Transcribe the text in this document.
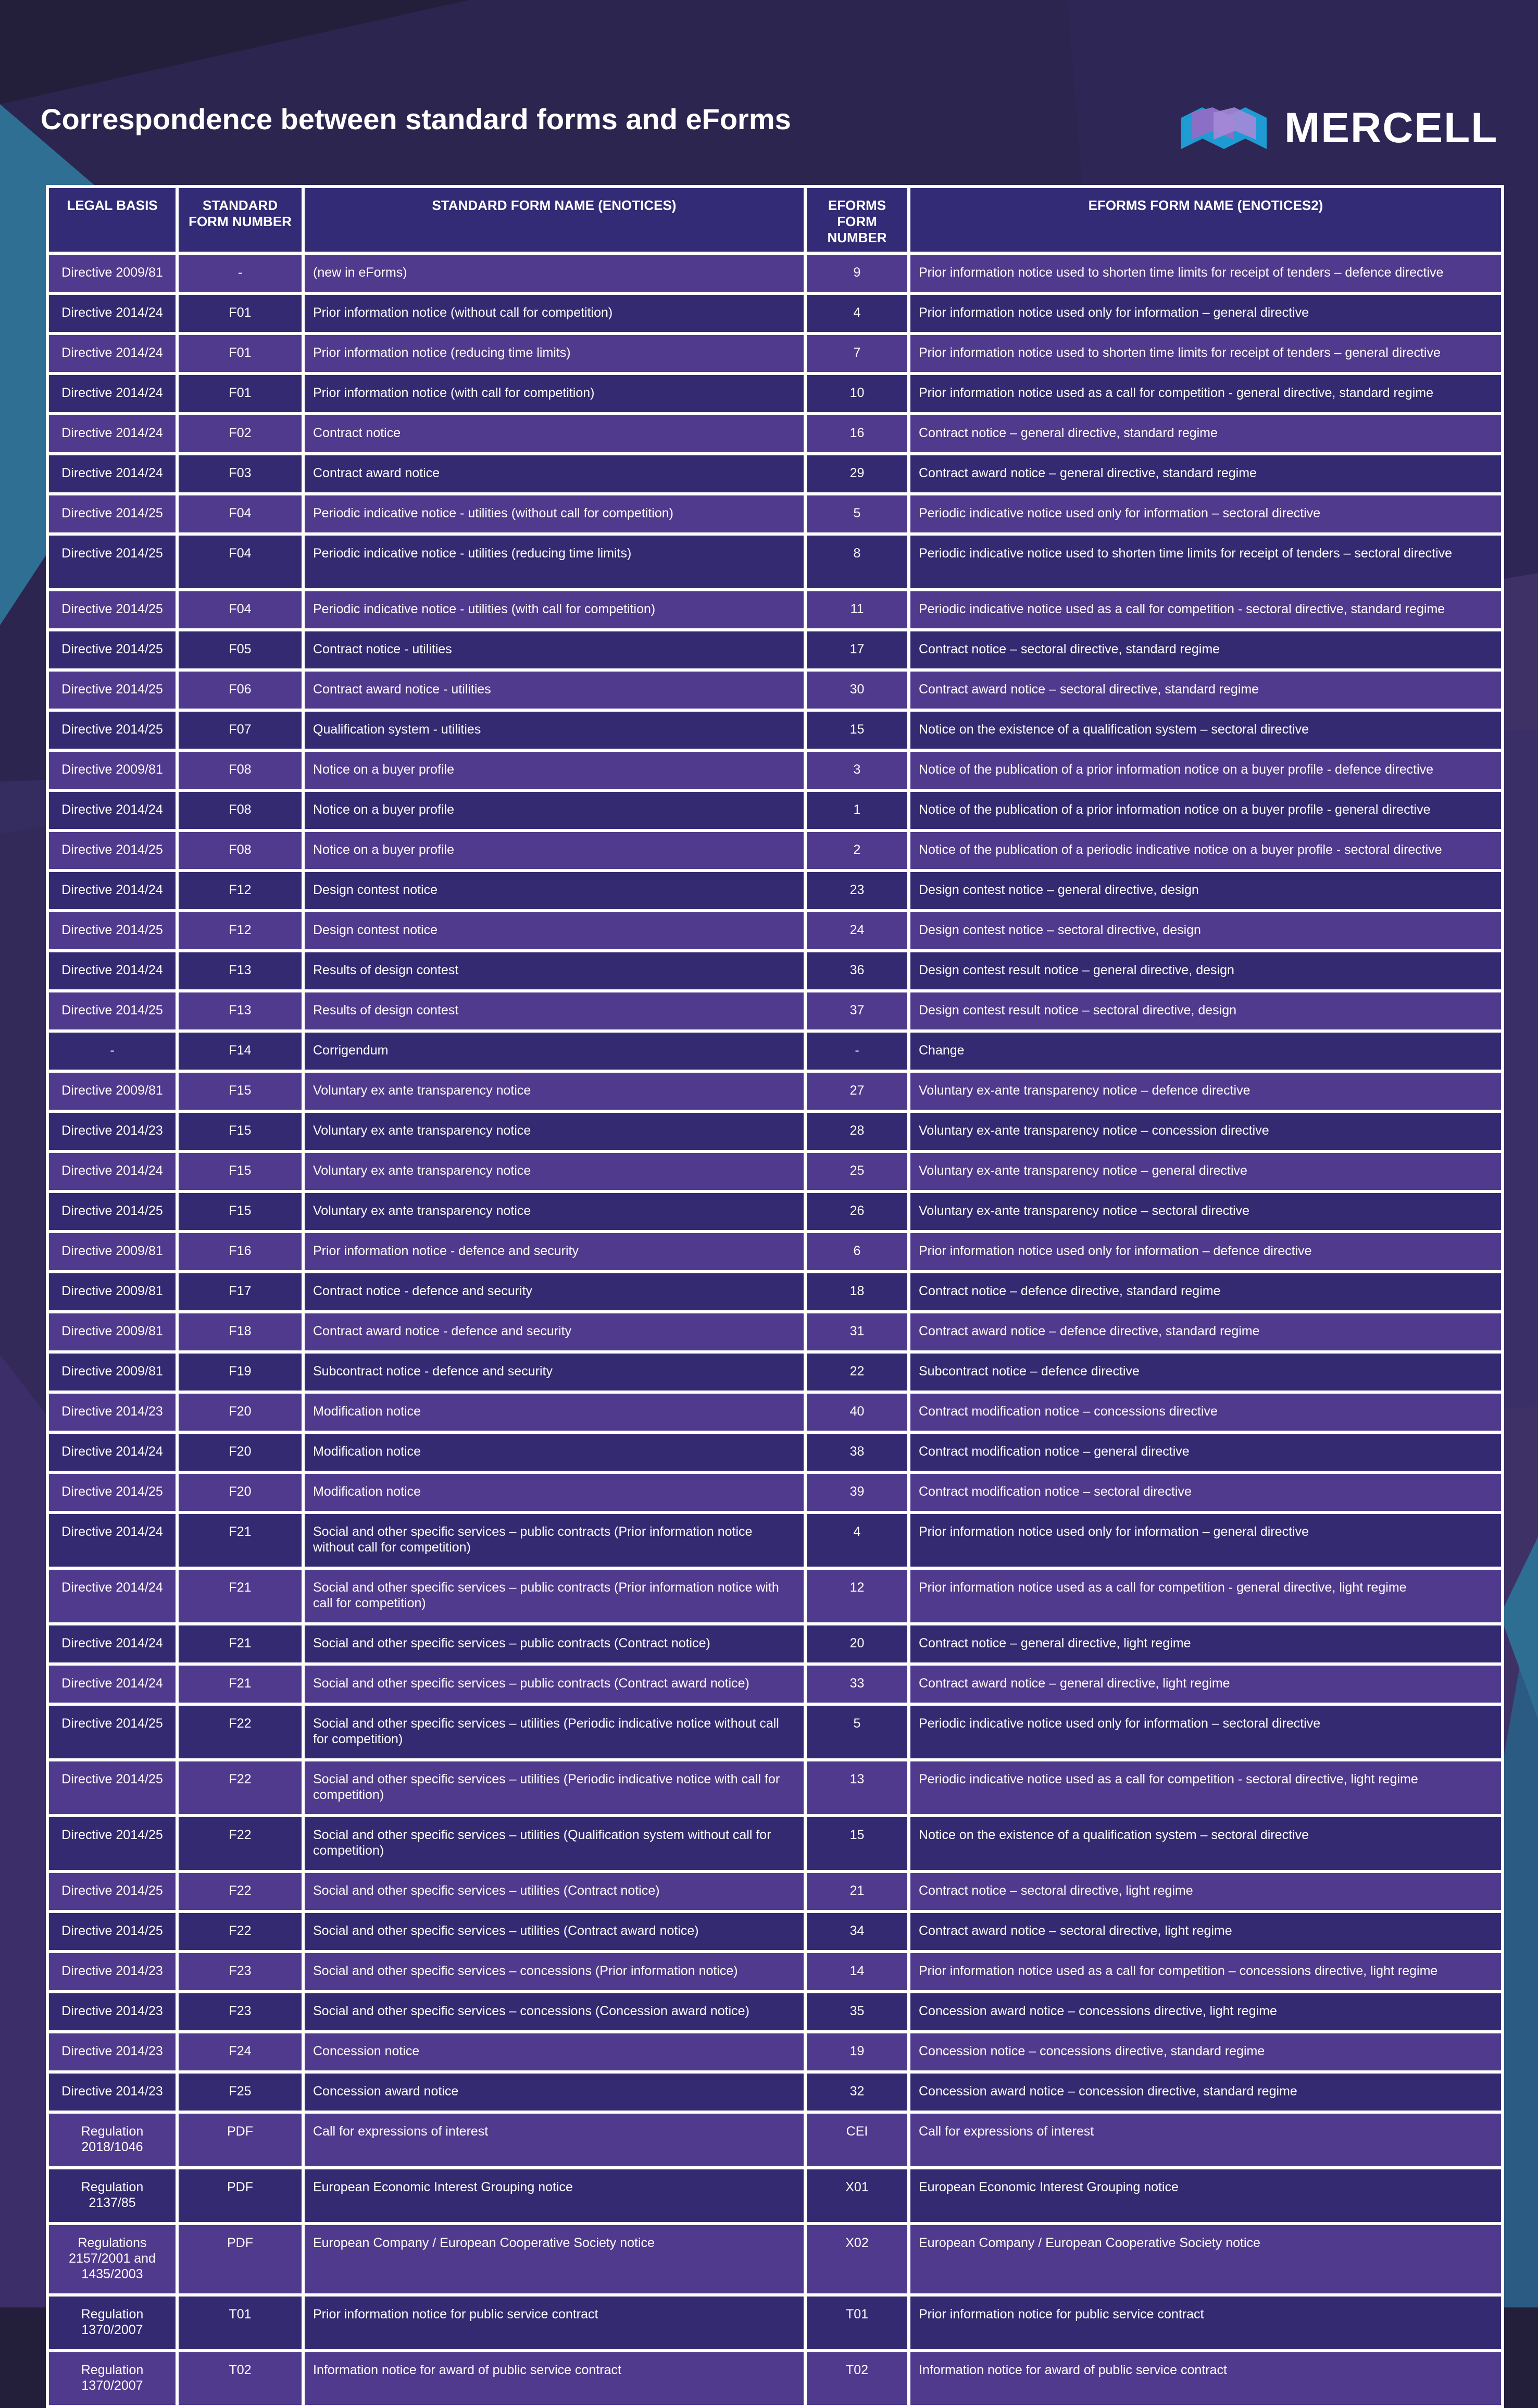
Correspondence between standard forms and eForms	MERCELL
LEGAL BASIS	STANDARD FORM NUMBER	STANDARD FORM NAME (ENOTICES)	EFORMS FORM NUMBER	EFORMS FORM NAME (ENOTICES2)
Directive 2009/81	-	(new in eForms)	9	Prior information notice used to shorten time limits for receipt of tenders – defence directive
Directive 2014/24	F01	Prior information notice (without call for competition)	4	Prior information notice used only for information – general directive
Directive 2014/24	F01	Prior information notice (reducing time limits)	7	Prior information notice used to shorten time limits for receipt of tenders – general directive
Directive 2014/24	F01	Prior information notice (with call for competition)	10	Prior information notice used as a call for competition - general directive, standard regime
Directive 2014/24	F02	Contract notice	16	Contract notice – general directive, standard regime
Directive 2014/24	F03	Contract award notice	29	Contract award notice – general directive, standard regime
Directive 2014/25	F04	Periodic indicative notice - utilities (without call for competition)	5	Periodic indicative notice used only for information – sectoral directive
Directive 2014/25	F04	Periodic indicative notice - utilities (reducing time limits)	8	Periodic indicative notice used to shorten time limits for receipt of tenders – sectoral directive
Directive 2014/25	F04	Periodic indicative notice - utilities (with call for competition)	11	Periodic indicative notice used as a call for competition - sectoral directive, standard regime
Directive 2014/25	F05	Contract notice - utilities	17	Contract notice – sectoral directive, standard regime
Directive 2014/25	F06	Contract award notice - utilities	30	Contract award notice – sectoral directive, standard regime
Directive 2014/25	F07	Qualification system - utilities	15	Notice on the existence of a qualification system – sectoral directive
Directive 2009/81	F08	Notice on a buyer profile	3	Notice of the publication of a prior information notice on a buyer profile - defence directive
Directive 2014/24	F08	Notice on a buyer profile	1	Notice of the publication of a prior information notice on a buyer profile - general directive
Directive 2014/25	F08	Notice on a buyer profile	2	Notice of the publication of a periodic indicative notice on a buyer profile - sectoral directive
Directive 2014/24	F12	Design contest notice	23	Design contest notice – general directive, design
Directive 2014/25	F12	Design contest notice	24	Design contest notice – sectoral directive, design
Directive 2014/24	F13	Results of design contest	36	Design contest result notice – general directive, design
Directive 2014/25	F13	Results of design contest	37	Design contest result notice – sectoral directive, design
-	F14	Corrigendum	-	Change
Directive 2009/81	F15	Voluntary ex ante transparency notice	27	Voluntary ex-ante transparency notice – defence directive
Directive 2014/23	F15	Voluntary ex ante transparency notice	28	Voluntary ex-ante transparency notice – concession directive
Directive 2014/24	F15	Voluntary ex ante transparency notice	25	Voluntary ex-ante transparency notice – general directive
Directive 2014/25	F15	Voluntary ex ante transparency notice	26	Voluntary ex-ante transparency notice – sectoral directive
Directive 2009/81	F16	Prior information notice - defence and security	6	Prior information notice used only for information – defence directive
Directive 2009/81	F17	Contract notice - defence and security	18	Contract notice – defence directive, standard regime
Directive 2009/81	F18	Contract award notice - defence and security	31	Contract award notice – defence directive, standard regime
Directive 2009/81	F19	Subcontract notice - defence and security	22	Subcontract notice – defence directive
Directive 2014/23	F20	Modification notice	40	Contract modification notice – concessions directive
Directive 2014/24	F20	Modification notice	38	Contract modification notice – general directive
Directive 2014/25	F20	Modification notice	39	Contract modification notice – sectoral directive
Directive 2014/24	F21	Social and other specific services – public contracts (Prior information notice without call for competition)	4	Prior information notice used only for information – general directive
Directive 2014/24	F21	Social and other specific services – public contracts (Prior information notice with call for competition)	12	Prior information notice used as a call for competition - general directive, light regime
Directive 2014/24	F21	Social and other specific services – public contracts (Contract notice)	20	Contract notice – general directive, light regime
Directive 2014/24	F21	Social and other specific services – public contracts (Contract award notice)	33	Contract award notice – general directive, light regime
Directive 2014/25	F22	Social and other specific services – utilities (Periodic indicative notice without call for competition)	5	Periodic indicative notice used only for information – sectoral directive
Directive 2014/25	F22	Social and other specific services – utilities (Periodic indicative notice with call for competition)	13	Periodic indicative notice used as a call for competition - sectoral directive, light regime
Directive 2014/25	F22	Social and other specific services – utilities (Qualification system without call for competition)	15	Notice on the existence of a qualification system – sectoral directive
Directive 2014/25	F22	Social and other specific services – utilities (Contract notice)	21	Contract notice – sectoral directive, light regime
Directive 2014/25	F22	Social and other specific services – utilities (Contract award notice)	34	Contract award notice – sectoral directive, light regime
Directive 2014/23	F23	Social and other specific services – concessions (Prior information notice)	14	Prior information notice used as a call for competition – concessions directive, light regime
Directive 2014/23	F23	Social and other specific services – concessions (Concession award notice)	35	Concession award notice – concessions directive, light regime
Directive 2014/23	F24	Concession notice	19	Concession notice – concessions directive, standard regime
Directive 2014/23	F25	Concession award notice	32	Concession award notice – concession directive, standard regime
Regulation 2018/1046	PDF	Call for expressions of interest	CEI	Call for expressions of interest
Regulation 2137/85	PDF	European Economic Interest Grouping notice	X01	European Economic Interest Grouping notice
Regulations 2157/2001 and 1435/2003	PDF	European Company / European Cooperative Society notice	X02	European Company / European Cooperative Society notice
Regulation 1370/2007	T01	Prior information notice for public service contract	T01	Prior information notice for public service contract
Regulation 1370/2007	T02	Information notice for award of public service contract	T02	Information notice for award of public service contract
